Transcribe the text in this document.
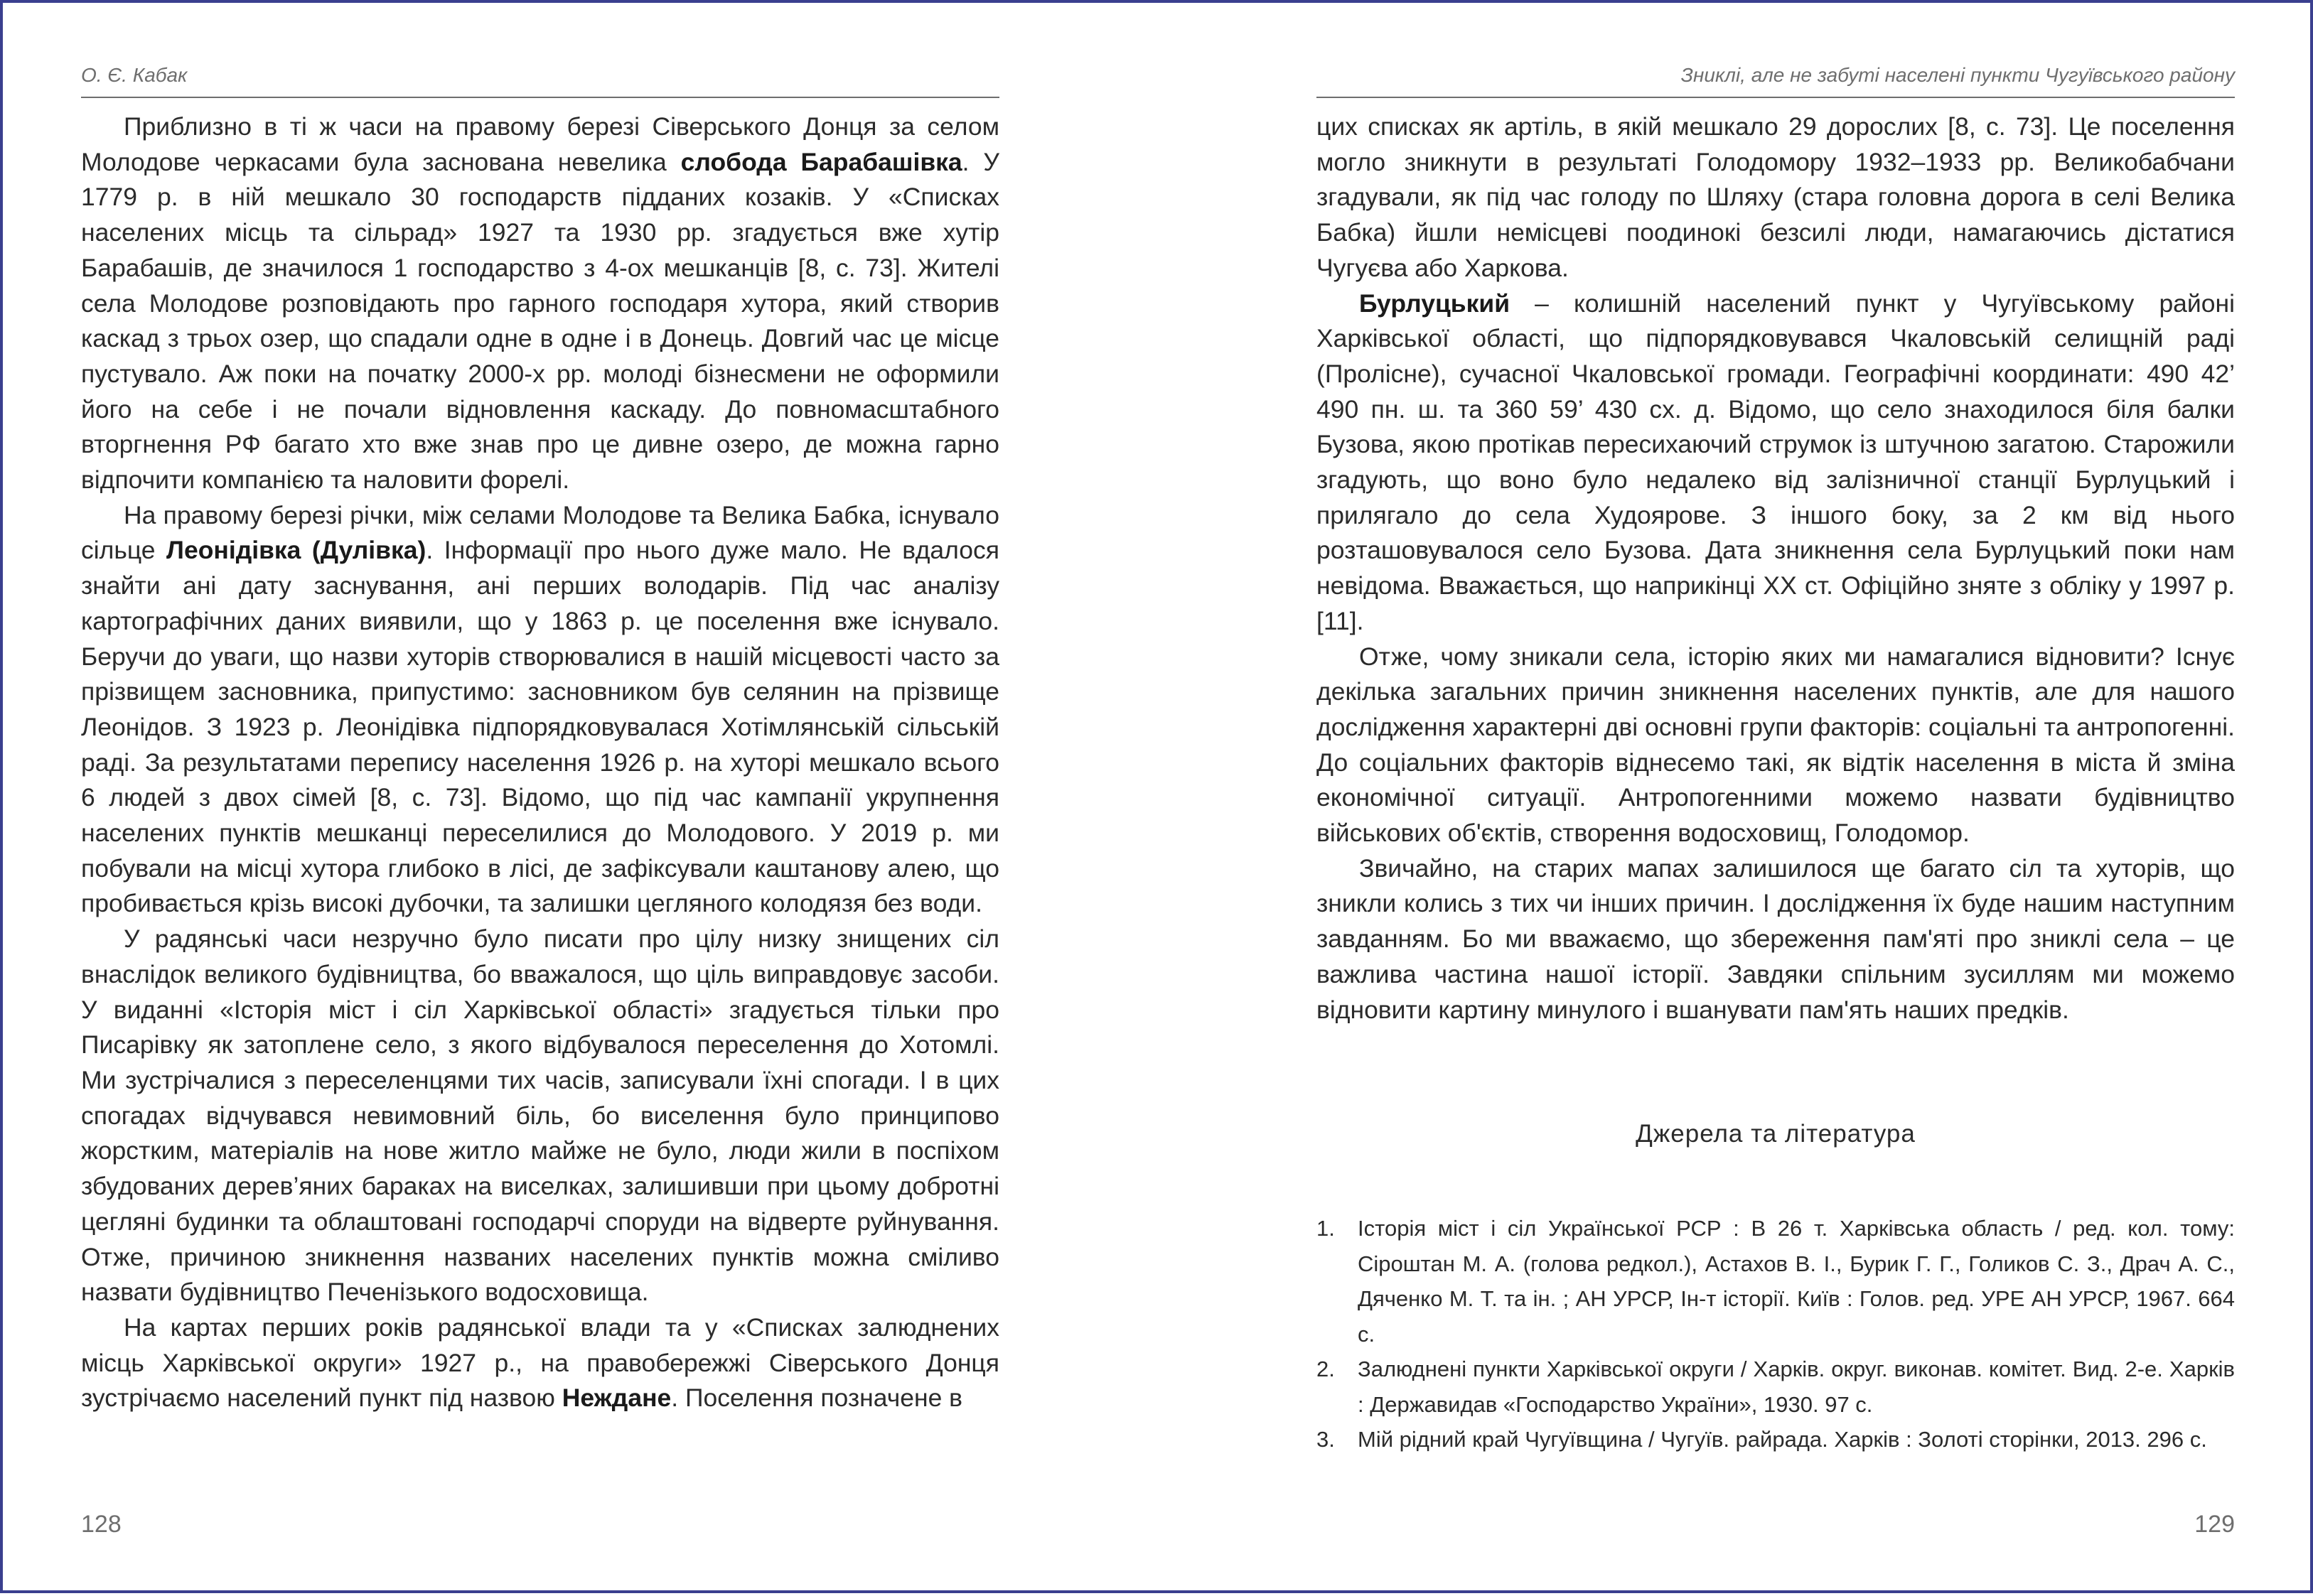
О. Є. Кабак

Приблизно в ті ж часи на правому березі Сіверського Донця за селом Молодове черкасами була заснована невелика слобода Барабашівка. У 1779 р. в ній мешкало 30 господарств підданих козаків. У «Списках населених місць та сільрад» 1927 та 1930 рр. згадується вже хутір Барабашів, де значилося 1 господарство з 4-ох мешканців [8, с. 73]. Жителі села Молодове розповідають про гарного господаря хутора, який створив каскад з трьох озер, що спадали одне в одне і в Донець. Довгий час це місце пустувало. Аж поки на початку 2000-х рр. молоді бізнесмени не оформили його на себе і не почали відновлення каскаду. До повномасштабного вторгнення РФ багато хто вже знав про це дивне озеро, де можна гарно відпочити компанією та наловити форелі.

На правому березі річки, між селами Молодове та Велика Бабка, існувало сільце Леонідівка (Дулівка). Інформації про нього дуже мало. Не вдалося знайти ані дату заснування, ані перших володарів. Під час аналізу картографічних даних виявили, що у 1863 р. це поселення вже існувало. Беручи до уваги, що назви хуторів створювалися в нашій місцевості часто за прізвищем засновника, припустимо: засновником був селянин на прізвище Леонідов. З 1923 р. Леонідівка підпорядковувалася Хотімлянській сільській раді. За результатами перепису населення 1926 р. на хуторі мешкало всього 6 людей з двох сімей [8, с. 73]. Відомо, що під час кампанії укрупнення населених пунктів мешканці переселилися до Молодового. У 2019 р. ми побували на місці хутора глибоко в лісі, де зафіксували каштанову алею, що пробивається крізь високі дубочки, та залишки цегляного колодязя без води.

У радянські часи незручно було писати про цілу низку знищених сіл внаслідок великого будівництва, бо вважалося, що ціль виправдовує засоби. У виданні «Історія міст і сіл Харківської області» згадується тільки про Писарівку як затоплене село, з якого відбувалося переселення до Хотомлі. Ми зустрічалися з переселенцями тих часів, записували їхні спогади. І в цих спогадах відчувався невимовний біль, бо виселення було принципово жорстким, матеріалів на нове житло майже не було, люди жили в поспіхом збудованих дерев’яних бараках на виселках, залишивши при цьому добротні цегляні будинки та облаштовані господарчі споруди на відверте руйнування. Отже, причиною зникнення названих населених пунктів можна сміливо назвати будівництво Печенізького водосховища.

На картах перших років радянської влади та у «Списках залюднених місць Харківської округи» 1927 р., на правобережжі Сіверського Донця зустрічаємо населений пункт під назвою Неждане. Поселення позначене в

128
Зниклі, але не забуті населені пункти Чугуївського району

цих списках як артіль, в якій мешкало 29 дорослих [8, с. 73]. Це поселення могло зникнути в результаті Голодомору 1932–1933 рр. Великобабчани згадували, як під час голоду по Шляху (стара головна дорога в селі Велика Бабка) йшли немісцеві поодинокі безсилі люди, намагаючись дістатися Чугуєва або Харкова.

Бурлуцький – колишній населений пункт у Чугуївському районі Харківської області, що підпорядковувався Чкаловській селищній раді (Пролісне), сучасної Чкаловської громади. Географічні координати: 490 42’ 490 пн. ш. та 360 59’ 430 сх. д. Відомо, що село знаходилося біля балки Бузова, якою протікав пересихаючий струмок із штучною загатою. Старожили згадують, що воно було недалеко від залізничної станції Бурлуцький і прилягало до села Худоярове. З іншого боку, за 2 км від нього розташовувалося село Бузова. Дата зникнення села Бурлуцький поки нам невідома. Вважається, що наприкінці XX ст. Офіційно знятe з обліку у 1997 р. [11].

Отже, чому зникали села, історію яких ми намагалися відновити? Існує декілька загальних причин зникнення населених пунктів, але для нашого дослідження характерні дві основні групи факторів: соціальні та антропогенні. До соціальних факторів віднесемо такі, як відтік населення в міста й зміна економічної ситуації. Антропогенними можемо назвати будівництво військових об'єктів, створення водосховищ, Голодомор.

Звичайно, на старих мапах залишилося ще багато сіл та хуторів, що зникли колись з тих чи інших причин. І дослідження їх буде нашим наступним завданням. Бо ми вважаємо, що збереження пам'яті про зниклі села – це важлива частина нашої історії. Завдяки спільним зусиллям ми можемо відновити картину минулого і вшанувати пам'ять наших предків.

Джерела та література
1. Історія міст і сіл Української РСР : В 26 т. Харківська область / ред. кол. тому: Сіроштан М. А. (голова редкол.), Астахов В. І., Бурик Г. Г., Голиков С. З., Драч А. С., Дяченко М. Т. та ін. ; АН УРСР, Ін-т історії. Київ : Голов. ред. УРЕ АН УРСР, 1967. 664 с.
2. Залюднені пункти Харківської округи / Харків. округ. виконав. комітет. Вид. 2-е. Харків : Державидав «Господарство України», 1930. 97 с.
3. Мій рідний край Чугуївщина / Чугуїв. райрада. Харків : Золоті сторінки, 2013. 296 с.
129
